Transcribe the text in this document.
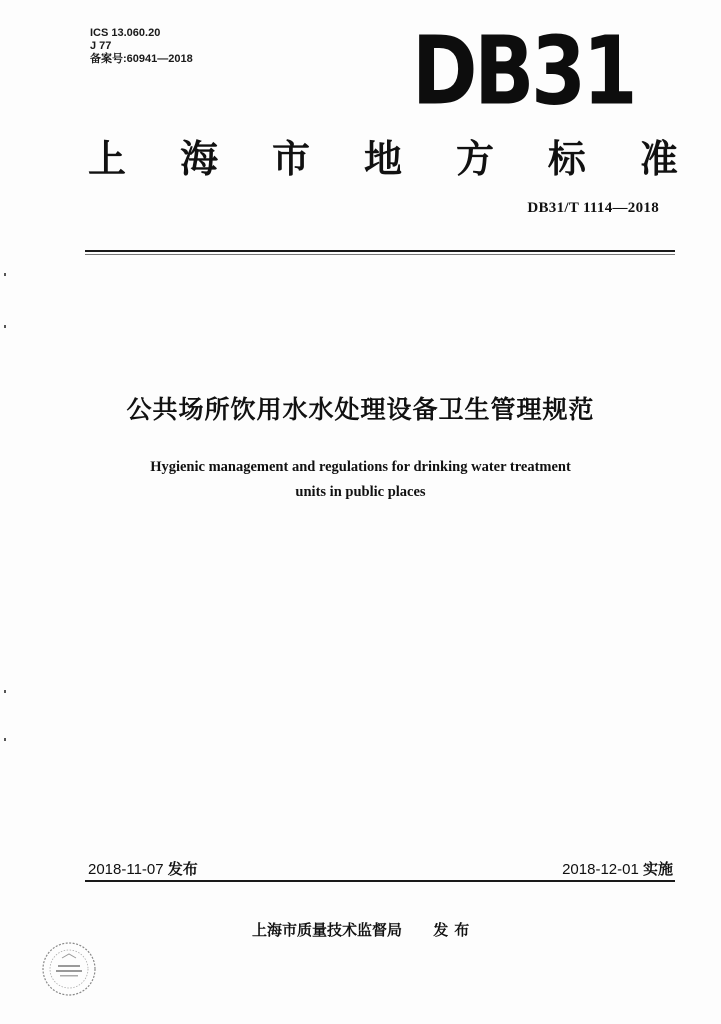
ICS 13.060.20
J 77
备案号:60941—2018 DB31
上 海 市 地 方 标 准
DB31/T 1114—2018
公共场所饮用水水处理设备卫生管理规范
Hygienic management and regulations for drinking water treatment
units in public places
2018-11-07 发布	2018-12-01 实施
上海市质量技术监督局 发布
